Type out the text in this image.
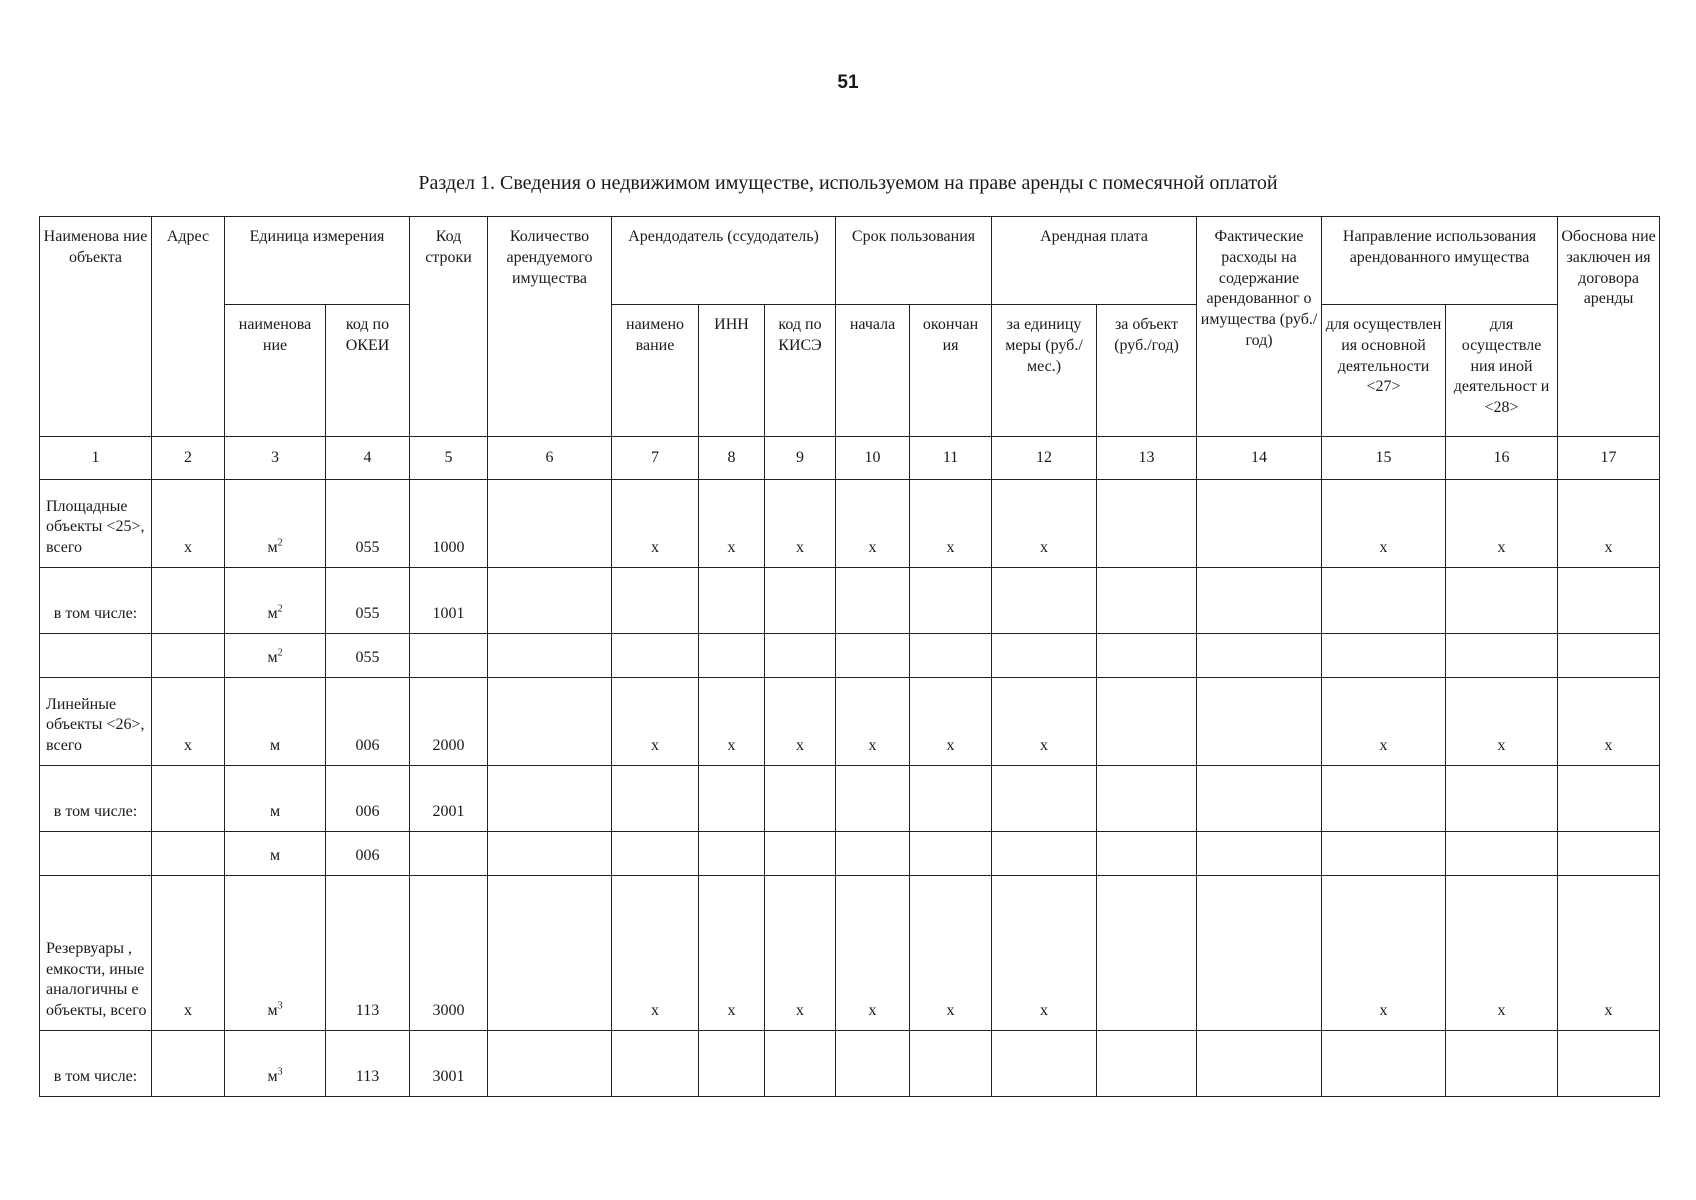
51
Раздел 1. Сведения о недвижимом имуществе, используемом на праве аренды с помесячной оплатой
Наименова ние объекта	Адрес	Единица измерения		Код строки	Количество арендуемого имущества	Арендодатель (ссудодатель)			Срок пользования		Арендная плата		Фактические расходы на содержание арендованног о имущества (руб./год)	Направление использования арендованного имущества		Обоснова ние заключен ия договора аренды
		наименова ние	код по ОКЕИ			наимено вание	ИНН	код по КИСЭ	начала	окончан ия	за единицу меры (руб./мес.)	за объект (руб./год)		для осуществлен ия основной деятельности <27>	для осуществле ния иной деятельност и <28>	
1	2	3	4	5	6	7	8	9	10	11	12	13	14	15	16	17
Площадные объекты <25>, всего	x	$м^2$	055	1000		x	x	x	x	x	x			x	x	x
в том числе:		$м^2$	055	1001												
		$м^2$	055													
Линейные объекты <26>, всего	x	м	006	2000		x	x	x	x	x	x			x	x	x
в том числе:		м	006	2001												
		м	006													
Резервуары , емкости, иные аналогичны е объекты, всего	x	$м^3$	113	3000		x	x	x	x	x	x			x	x	x
в том числе:		$м^3$	113	3001												
